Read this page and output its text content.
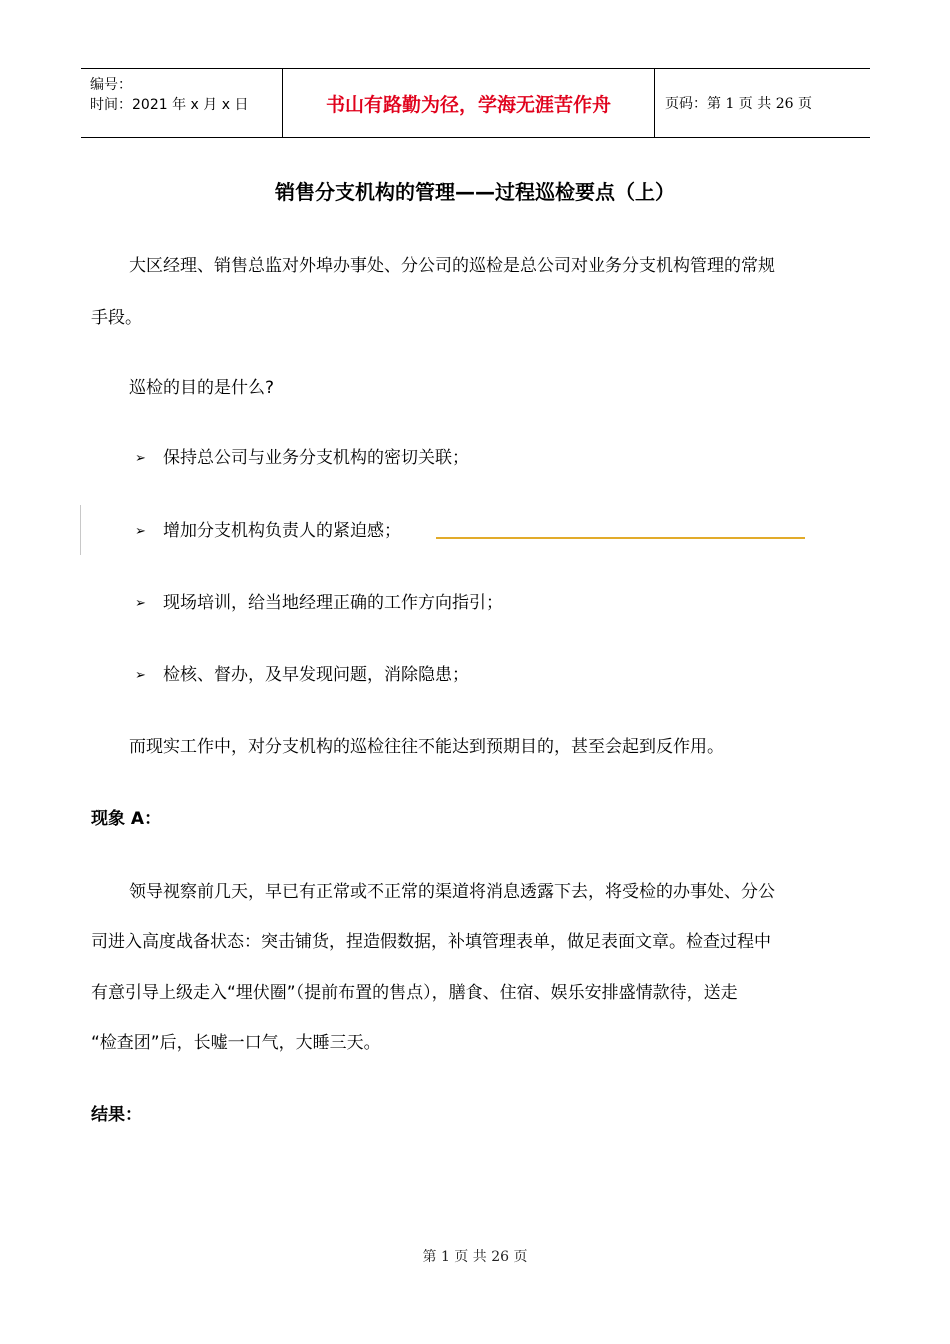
编号：
时间：2021 年 x 月 x 日	书山有路勤为径，学海无涯苦作舟	页码：第 1 页 共 26 页
销售分支机构的管理——过程巡检要点（上）
大区经理、销售总监对外埠办事处、分公司的巡检是总公司对业务分支机构管理的常规
手段。
巡检的目的是什么?
➢ 保持总公司与业务分支机构的密切关联；
➢ 增加分支机构负责人的紧迫感；
➢ 现场培训，给当地经理正确的工作方向指引；
➢ 检核、督办，及早发现问题，消除隐患；
而现实工作中，对分支机构的巡检往往不能达到预期目的，甚至会起到反作用。
现象 A：
领导视察前几天，早已有正常或不正常的渠道将消息透露下去，将受检的办事处、分公
司进入高度战备状态：突击铺货，捏造假数据，补填管理表单，做足表面文章。检查过程中
有意引导上级走入“埋伏圈”（提前布置的售点），膳食、住宿、娱乐安排盛情款待，送走
“检查团”后，长嘘一口气，大睡三天。
结果：
第 1 页 共 26 页
